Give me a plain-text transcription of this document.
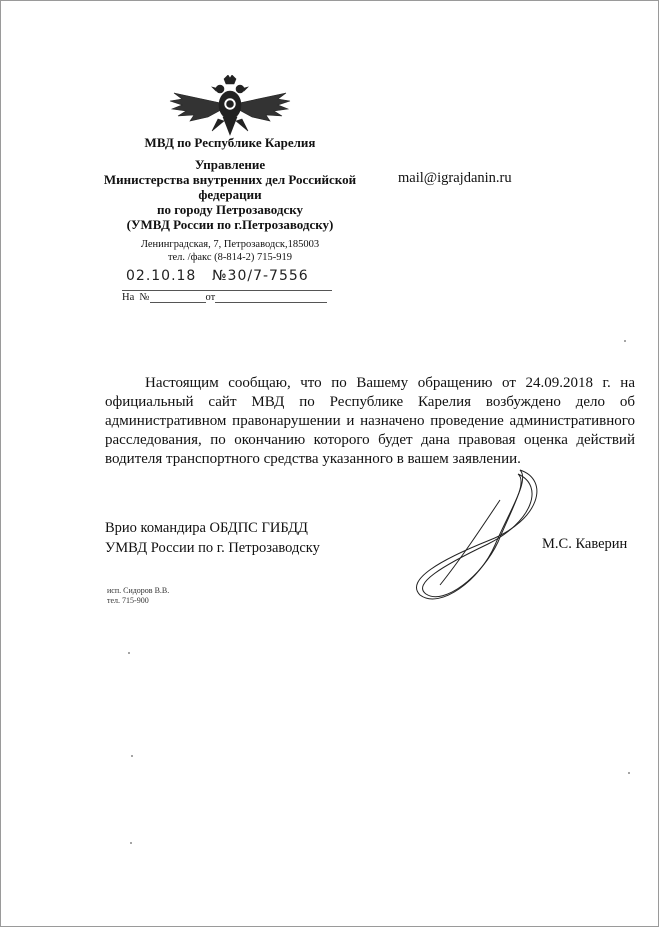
МВД по Республике Карелия
Управление
Министерства внутренних дел Российской
федерации
по городу Петрозаводску
(УМВД России по г.Петрозаводску)
Ленинградская, 7, Петрозаводск,185003
тел. /факс (8-814-2) 715-919
mail@igrajdanin.ru
02.10.18 №30/7-7556
На №	от
Настоящим сообщаю, что по Вашему обращению от 24.09.2018 г. на официальный сайт МВД по Республике Карелия возбуждено дело об административном правонарушении и назначено проведение административного расследования, по окончанию которого будет дана правовая оценка действий водителя транспортного средства указанного в вашем заявлении.
Врио командира ОБДПС ГИБДД
УМВД России по г. Петрозаводску	М.С. Каверин
исп. Сидоров В.В.
тел. 715-900
